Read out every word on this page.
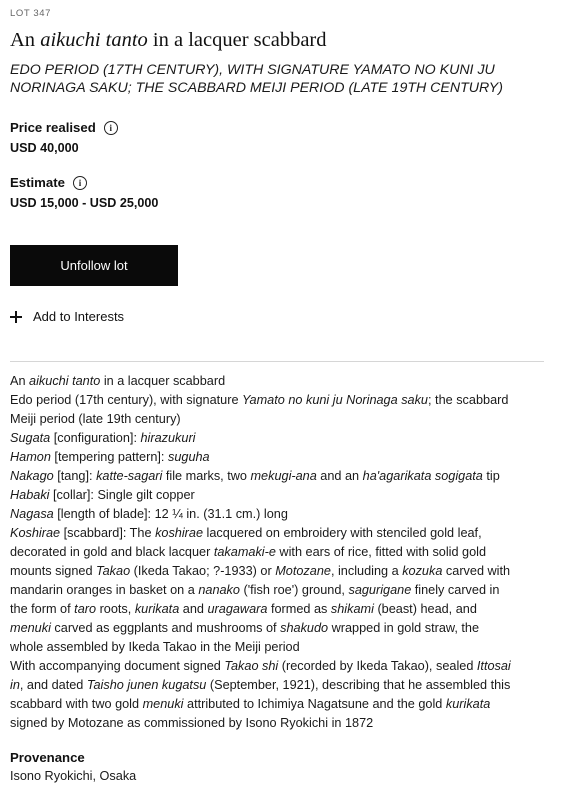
LOT 347
An aikuchi tanto in a lacquer scabbard
EDO PERIOD (17TH CENTURY), WITH SIGNATURE YAMATO NO KUNI JU
NORINAGA SAKU; THE SCABBARD MEIJI PERIOD (LATE 19TH CENTURY)
Price realised	i
USD 40,000
Estimate	i
USD 15,000 - USD 25,000
Unfollow lot
Add to Interests
An aikuchi tanto in a lacquer scabbard
Edo period (17th century), with signature Yamato no kuni ju Norinaga saku; the scabbard
Meiji period (late 19th century)
Sugata [configuration]: hirazukuri
Hamon [tempering pattern]: suguha
Nakago [tang]: katte-sagari file marks, two mekugi-ana and an ha'agarikata sogigata tip
Habaki [collar]: Single gilt copper
Nagasa [length of blade]: 12 ¼ in. (31.1 cm.) long
Koshirae [scabbard]: The koshirae lacquered on embroidery with stenciled gold leaf,
decorated in gold and black lacquer takamaki-e with ears of rice, fitted with solid gold
mounts signed Takao (Ikeda Takao; ?-1933) or Motozane, including a kozuka carved with
mandarin oranges in basket on a nanako ('fish roe') ground, sagurigane finely carved in
the form of taro roots, kurikata and uragawara formed as shikami (beast) head, and
menuki carved as eggplants and mushrooms of shakudo wrapped in gold straw, the
whole assembled by Ikeda Takao in the Meiji period
With accompanying document signed Takao shi (recorded by Ikeda Takao), sealed Ittosai
in, and dated Taisho junen kugatsu (September, 1921), describing that he assembled this
scabbard with two gold menuki attributed to Ichimiya Nagatsune and the gold kurikata
signed by Motozane as commissioned by Isono Ryokichi in 1872
Provenance
Isono Ryokichi, Osaka
